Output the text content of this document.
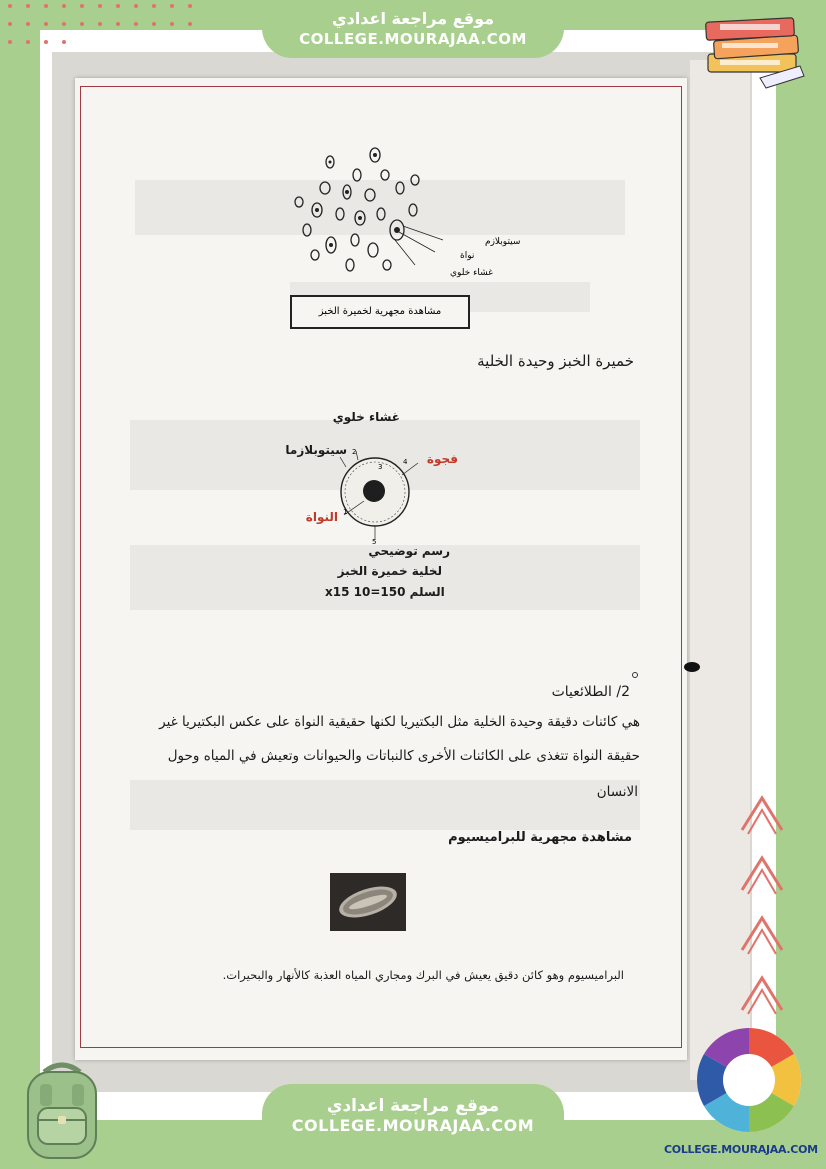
موقع مراجعة اعدادي
COLLEGE.MOURAJAA.COM
سيتوبلازم
نواة
غشاء خلوي
مشاهدة مجهرية لخميرة الخبز
خميرة الخبز وحيدة الخلية
1
2
3
4
5
غشاء خلوي
سيتوبلازما
فجوة
النواة
رسم توضيحي
لخلية خميرة الخبز
السلم 150=10 x15
2/ الطلائعيات
هي كائنات دقيقة وحيدة الخلية مثل البكتيريا لكنها حقيقية النواة على عكس البكتيريا غير
حقيقة النواة تتغذى على الكائنات الأخرى كالنباتات والحيوانات وتعيش في المياه وحول
الانسان
مشاهدة مجهرية للبراميسيوم
البراميسيوم وهو كائن دقيق يعيش في البرك ومجاري المياه العذبة كالأنهار والبحيرات.
موقع مراجعة اعدادي
COLLEGE.MOURAJAA.COM
COLLEGE.MOURAJAA.COM
